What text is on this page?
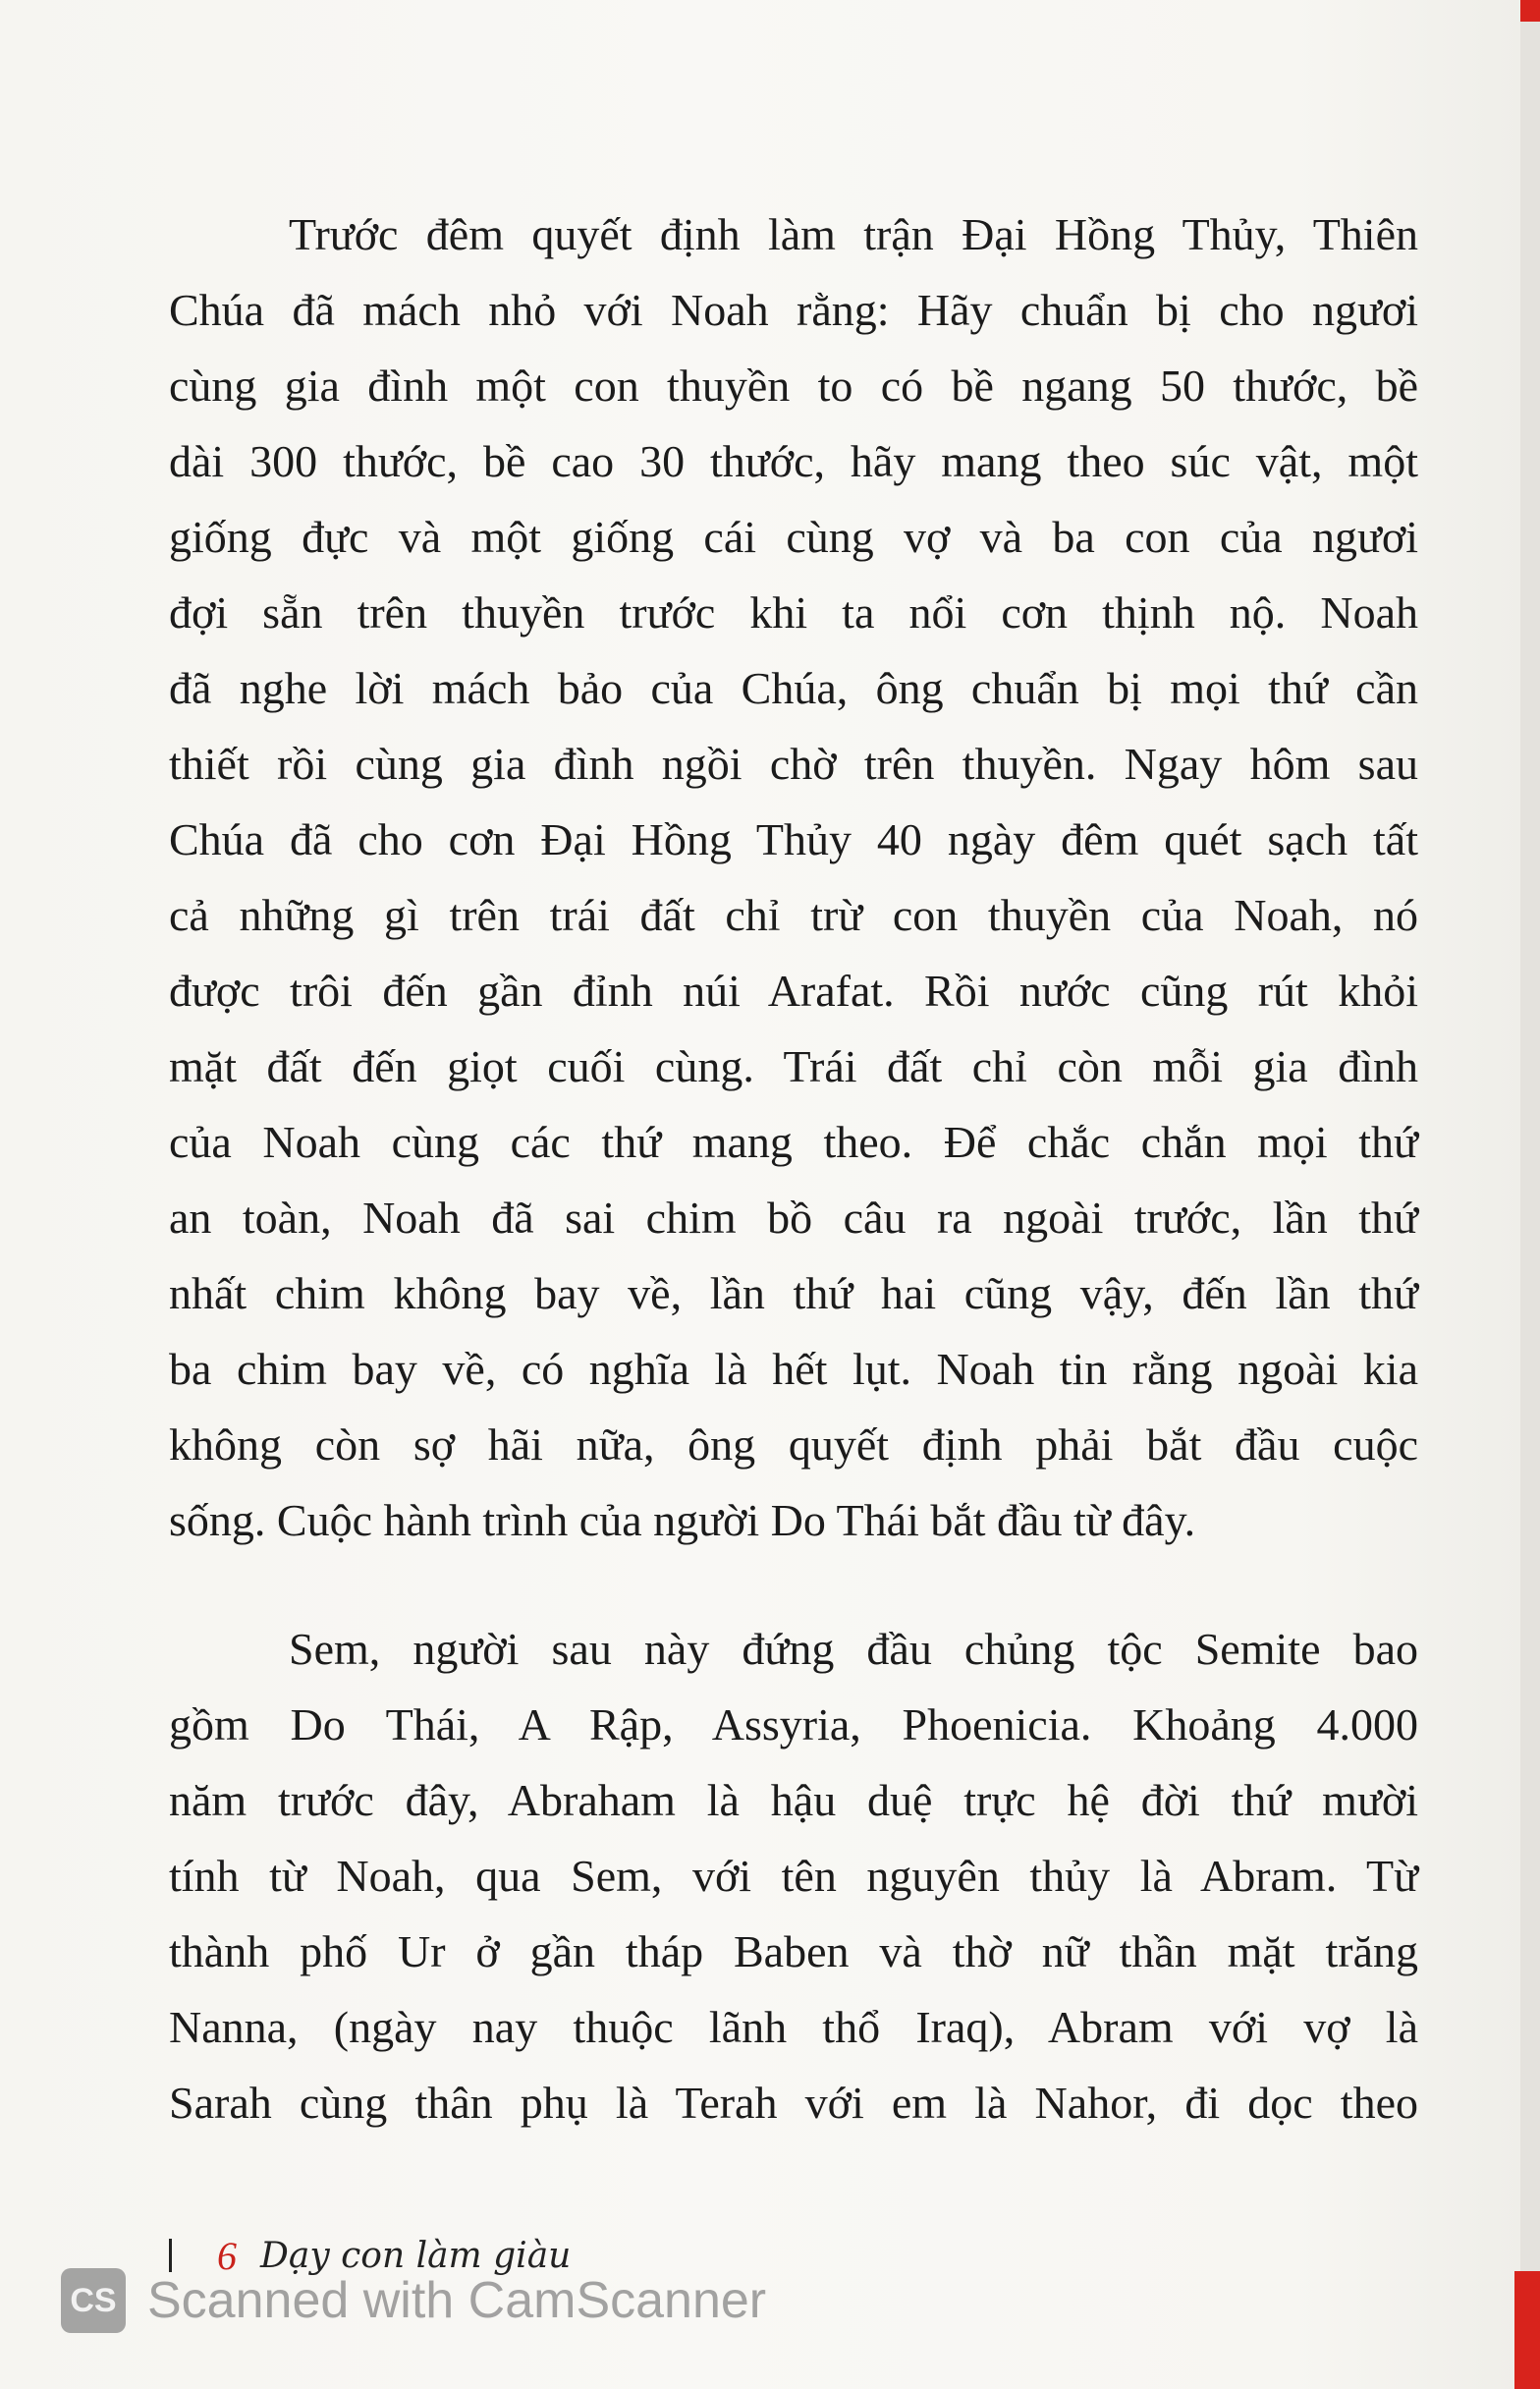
Trước đêm quyết định làm trận Đại Hồng Thủy, Thiên
Chúa đã mách nhỏ với Noah rằng: Hãy chuẩn bị cho ngươi
cùng gia đình một con thuyền to có bề ngang 50 thước, bề
dài 300 thước, bề cao 30 thước, hãy mang theo súc vật, một
giống đực và một giống cái cùng vợ và ba con của ngươi
đợi sẵn trên thuyền trước khi ta nổi cơn thịnh nộ. Noah
đã nghe lời mách bảo của Chúa, ông chuẩn bị mọi thứ cần
thiết rồi cùng gia đình ngồi chờ trên thuyền. Ngay hôm sau
Chúa đã cho cơn Đại Hồng Thủy 40 ngày đêm quét sạch tất
cả những gì trên trái đất chỉ trừ con thuyền của Noah, nó
được trôi đến gần đỉnh núi Arafat. Rồi nước cũng rút khỏi
mặt đất đến giọt cuối cùng. Trái đất chỉ còn mỗi gia đình
của Noah cùng các thứ mang theo. Để chắc chắn mọi thứ
an toàn, Noah đã sai chim bồ câu ra ngoài trước, lần thứ
nhất chim không bay về, lần thứ hai cũng vậy, đến lần thứ
ba chim bay về, có nghĩa là hết lụt. Noah tin rằng ngoài kia
không còn sợ hãi nữa, ông quyết định phải bắt đầu cuộc
sống. Cuộc hành trình của người Do Thái bắt đầu từ đây.

Sem, người sau này đứng đầu chủng tộc Semite bao
gồm Do Thái, A Rập, Assyria, Phoenicia. Khoảng 4.000
năm trước đây, Abraham là hậu duệ trực hệ đời thứ mười
tính từ Noah, qua Sem, với tên nguyên thủy là Abram. Từ
thành phố Ur ở gần tháp Baben và thờ nữ thần mặt trăng
Nanna, (ngày nay thuộc lãnh thổ Iraq), Abram với vợ là
Sarah cùng thân phụ là Terah với em là Nahor, đi dọc theo

6 Dạy con làm giàu
CS Scanned with CamScanner
